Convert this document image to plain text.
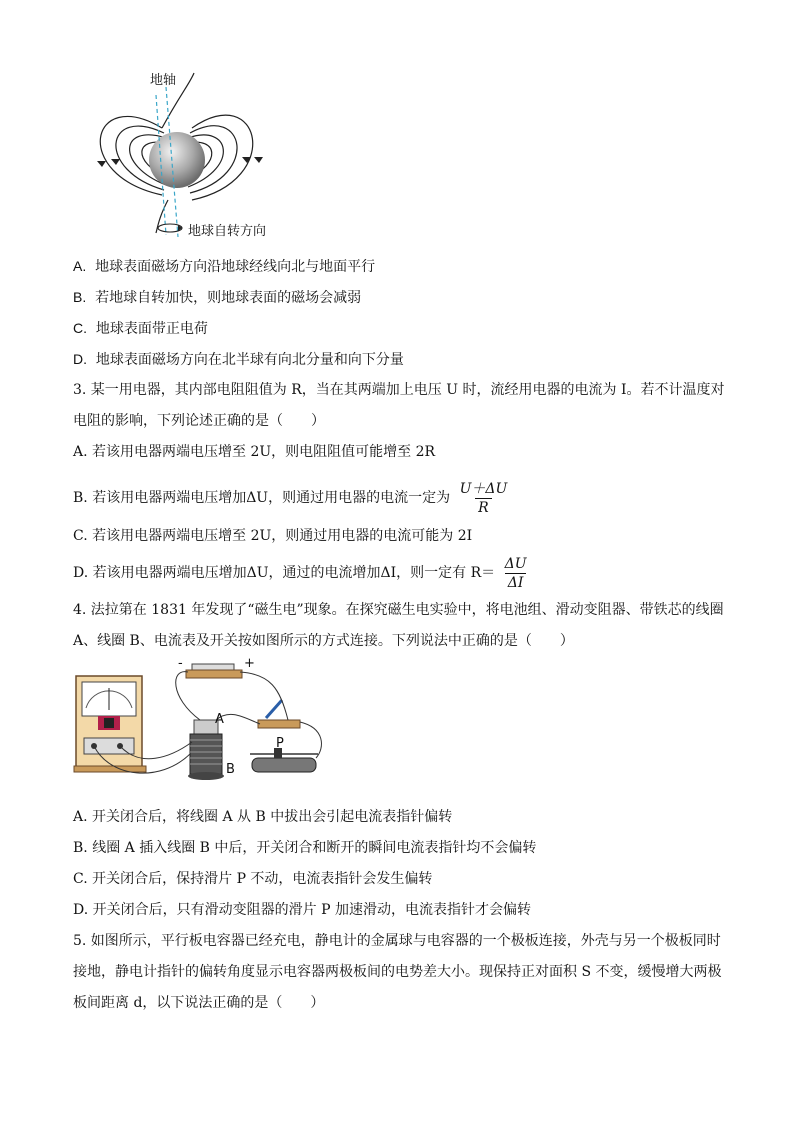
地轴
地球自转方向
A. 地球表面磁场方向沿地球经线向北与地面平行
B. 若地球自转加快，则地球表面的磁场会减弱
C. 地球表面带正电荷
D. 地球表面磁场方向在北半球有向北分量和向下分量
3. 某一用电器，其内部电阻阻值为 R，当在其两端加上电压 U 时，流经用电器的电流为 I。若不计温度对
电阻的影响，下列论述正确的是（　　）
A. 若该用电器两端电压增至 2U，则电阻阻值可能增至 2R
B. 若该用电器两端电压增加ΔU，则通过用电器的电流一定为 $\frac{U+\Delta U}{R}$
C. 若该用电器两端电压增至 2U，则通过用电器的电流可能为 2I
D. 若该用电器两端电压增加ΔU，通过的电流增加ΔI，则一定有 $R= \frac{\Delta U}{\Delta I}$
4. 法拉第在 1831 年发现了“磁生电”现象。在探究磁生电实验中，将电池组、滑动变阻器、带铁芯的线圈
A、线圈 B、电流表及开关按如图所示的方式连接。下列说法中正确的是（　　）
-	+
A
B
P
A. 开关闭合后，将线圈 A 从 B 中拔出会引起电流表指针偏转
B. 线圈 A 插入线圈 B 中后，开关闭合和断开的瞬间电流表指针均不会偏转
C. 开关闭合后，保持滑片 P 不动，电流表指针会发生偏转
D. 开关闭合后，只有滑动变阻器的滑片 P 加速滑动，电流表指针才会偏转
5. 如图所示，平行板电容器已经充电，静电计的金属球与电容器的一个极板连接，外壳与另一个极板同时
接地，静电计指针的偏转角度显示电容器两极板间的电势差大小。现保持正对面积 S 不变，缓慢增大两极
板间距离 d，以下说法正确的是（　　）
